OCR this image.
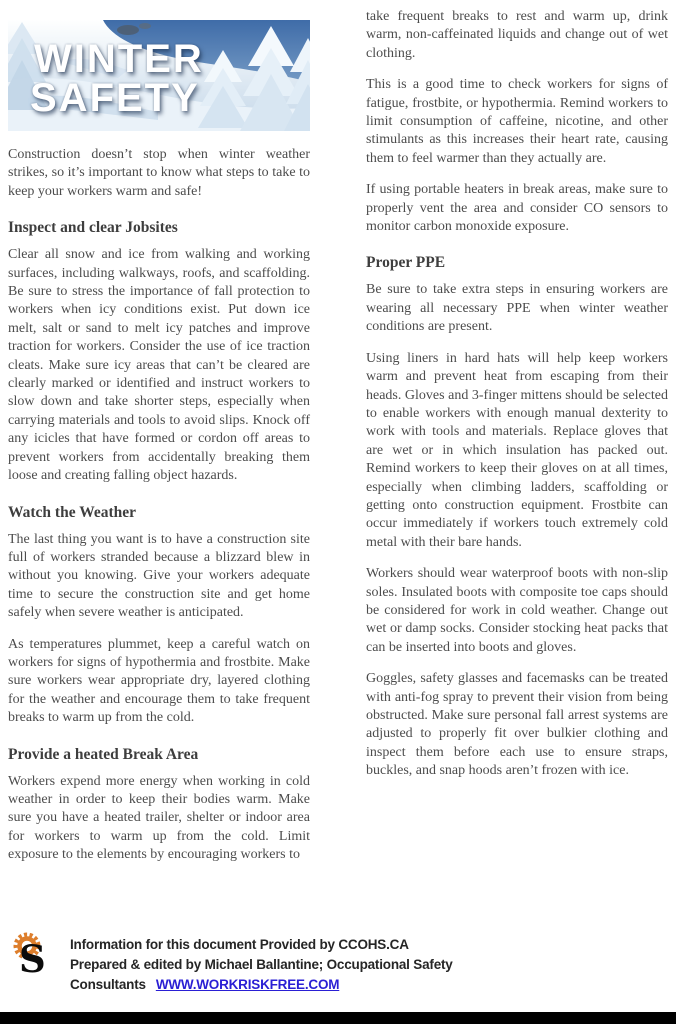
WINTER
SAFETY

Construction doesn’t stop when winter weather strikes, so it’s important to know what steps to take to keep your workers warm and safe!

Inspect and clear Jobsites

Clear all snow and ice from walking and working surfaces, including walkways, roofs, and scaffolding. Be sure to stress the importance of fall protection to workers when icy conditions exist. Put down ice melt, salt or sand to melt icy patches and improve traction for workers. Consider the use of ice traction cleats. Make sure icy areas that can’t be cleared are clearly marked or identified and instruct workers to slow down and take shorter steps, especially when carrying materials and tools to avoid slips. Knock off any icicles that have formed or cordon off areas to prevent workers from accidentally breaking them loose and creating falling object hazards.

Watch the Weather

The last thing you want is to have a construction site full of workers stranded because a blizzard blew in without you knowing. Give your workers adequate time to secure the construction site and get home safely when severe weather is anticipated.

As temperatures plummet, keep a careful watch on workers for signs of hypothermia and frostbite. Make sure workers wear appropriate dry, layered clothing for the weather and encourage them to take frequent breaks to warm up from the cold.

Provide a heated Break Area

Workers expend more energy when working in cold weather in order to keep their bodies warm. Make sure you have a heated trailer, shelter or indoor area for workers to warm up from the cold. Limit exposure to the elements by encouraging workers to

take frequent breaks to rest and warm up, drink warm, non-caffeinated liquids and change out of wet clothing.

This is a good time to check workers for signs of fatigue, frostbite, or hypothermia. Remind workers to limit consumption of caffeine, nicotine, and other stimulants as this increases their heart rate, causing them to feel warmer than they actually are.

If using portable heaters in break areas, make sure to properly vent the area and consider CO sensors to monitor carbon monoxide exposure.

Proper PPE

Be sure to take extra steps in ensuring workers are wearing all necessary PPE when winter weather conditions are present.

Using liners in hard hats will help keep workers warm and prevent heat from escaping from their heads. Gloves and 3-finger mittens should be selected to enable workers with enough manual dexterity to work with tools and materials. Replace gloves that are wet or in which insulation has packed out. Remind workers to keep their gloves on at all times, especially when climbing ladders, scaffolding or getting onto construction equipment. Frostbite can occur immediately if workers touch extremely cold metal with their bare hands.

Workers should wear waterproof boots with non-slip soles. Insulated boots with composite toe caps should be considered for work in cold weather. Change out wet or damp socks. Consider stocking heat packs that can be inserted into boots and gloves.

Goggles, safety glasses and facemasks can be treated with anti-fog spray to prevent their vision from being obstructed. Make sure personal fall arrest systems are adjusted to properly fit over bulkier clothing and inspect them before each use to ensure straps, buckles, and snap hoods aren’t frozen with ice.

S Information for this document Provided by CCOHS.CA
Prepared & edited by Michael Ballantine; Occupational Safety Consultants WWW.WORKRISKFREE.COM
